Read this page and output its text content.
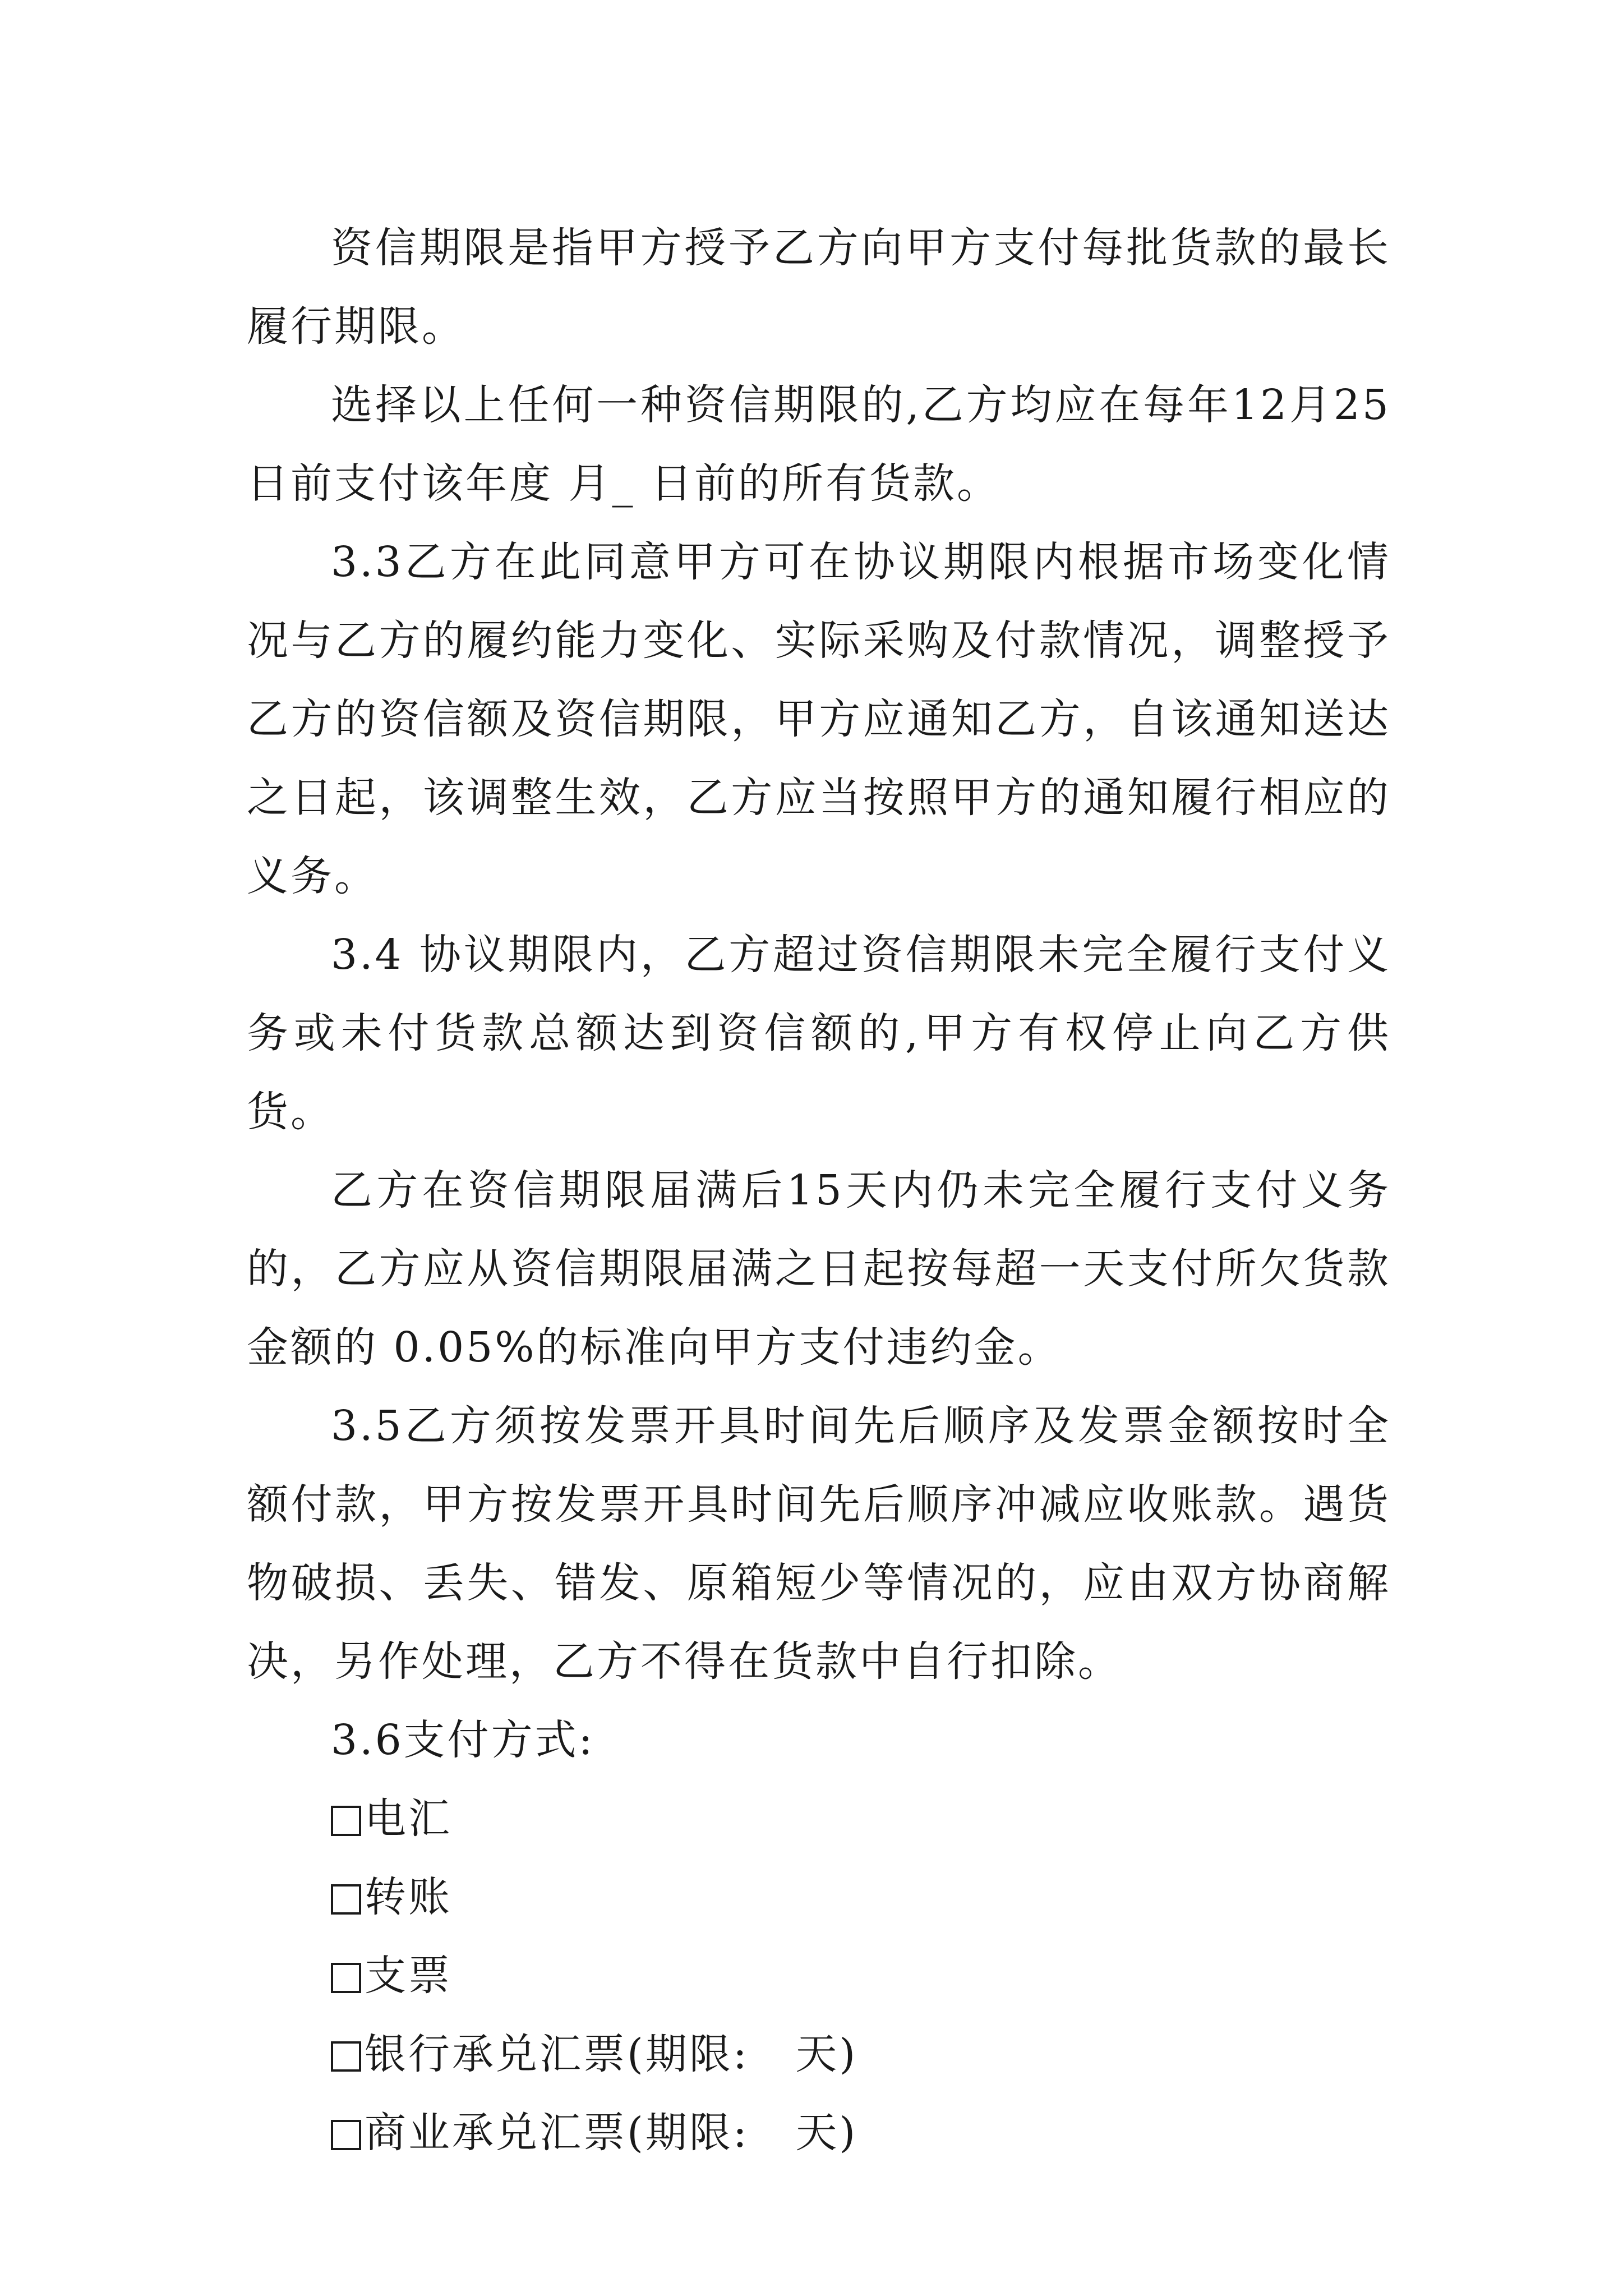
资信期限是指甲方授予乙方向甲方支付每批货款的最长履行期限。

选择以上任何一种资信期限的,乙方均应在每年12月25日前支付该年度 月_ 日前的所有货款。

3.3乙方在此同意甲方可在协议期限内根据市场变化情况与乙方的履约能力变化、实际采购及付款情况，调整授予乙方的资信额及资信期限，甲方应通知乙方，自该通知送达之日起，该调整生效，乙方应当按照甲方的通知履行相应的义务。

3.4 协议期限内，乙方超过资信期限未完全履行支付义务或未付货款总额达到资信额的,甲方有权停止向乙方供货。

乙方在资信期限届满后15天内仍未完全履行支付义务的，乙方应从资信期限届满之日起按每超一天支付所欠货款金额的 0.05%的标准向甲方支付违约金。

3.5乙方须按发票开具时间先后顺序及发票金额按时全额付款，甲方按发票开具时间先后顺序冲减应收账款。遇货物破损、丢失、错发、原箱短少等情况的，应由双方协商解决，另作处理，乙方不得在货款中自行扣除。

3.6支付方式:

电汇

转账

支票

银行承兑汇票(期限:   天)

商业承兑汇票(期限:   天)
